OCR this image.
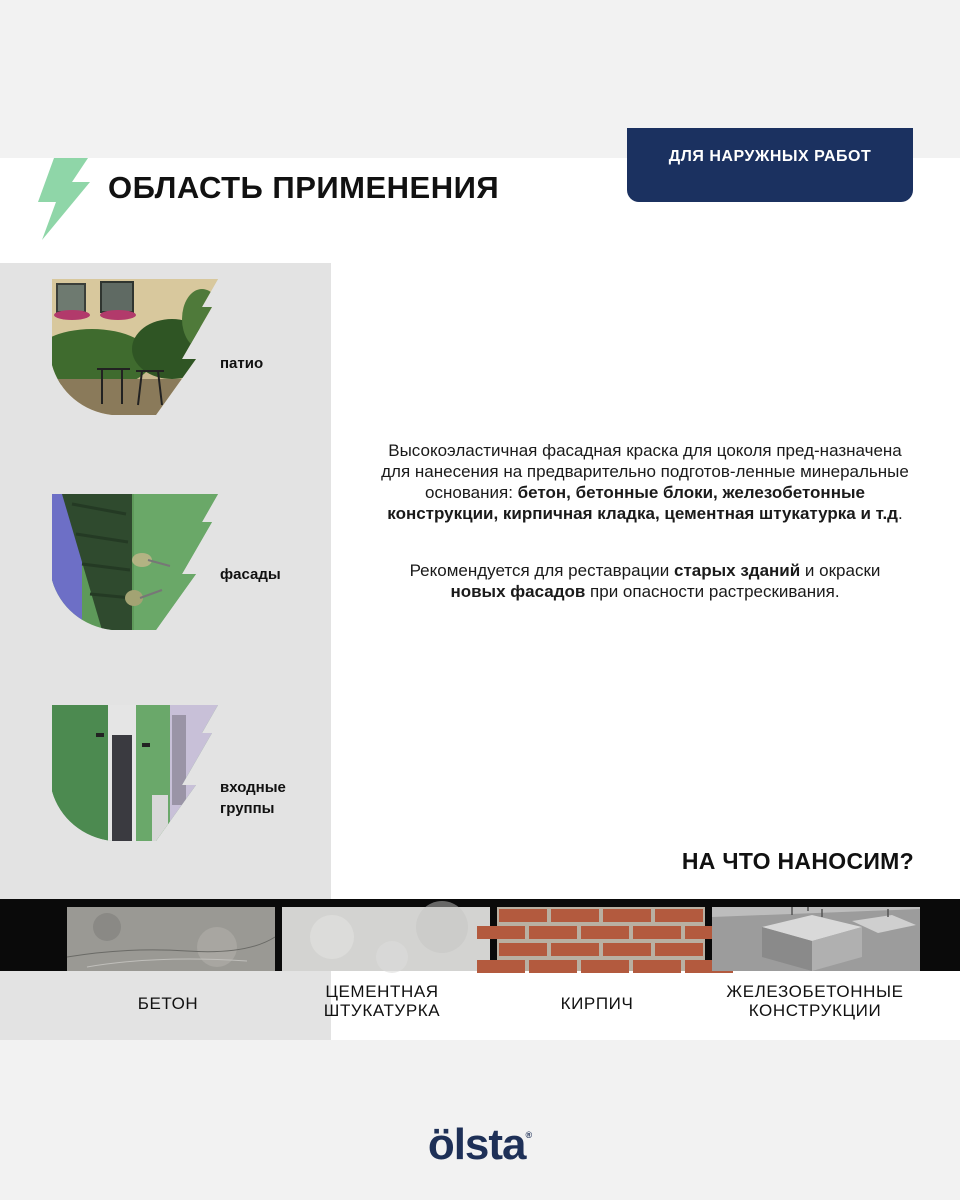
ОБЛАСТЬ ПРИМЕНЕНИЯ
ДЛЯ НАРУЖНЫХ РАБОТ
патио
фасады
входные
группы
Высокоэластичная фасадная краска для цоколя пред-назначена для нанесения на предварительно подготов-ленные минеральные основания: бетон, бетонные блоки, железобетонные конструкции, кирпичная кладка, цементная штукатурка и т.д.
Рекомендуется для реставрации старых зданий и окраски новых фасадов при опасности растрескивания.
НА ЧТО НАНОСИМ?
БЕТОН
ЦЕМЕНТНАЯ
ШТУКАТУРКА	КИРПИЧ
ЖЕЛЕЗОБЕТОННЫЕ
КОНСТРУКЦИИ
ölsta®
